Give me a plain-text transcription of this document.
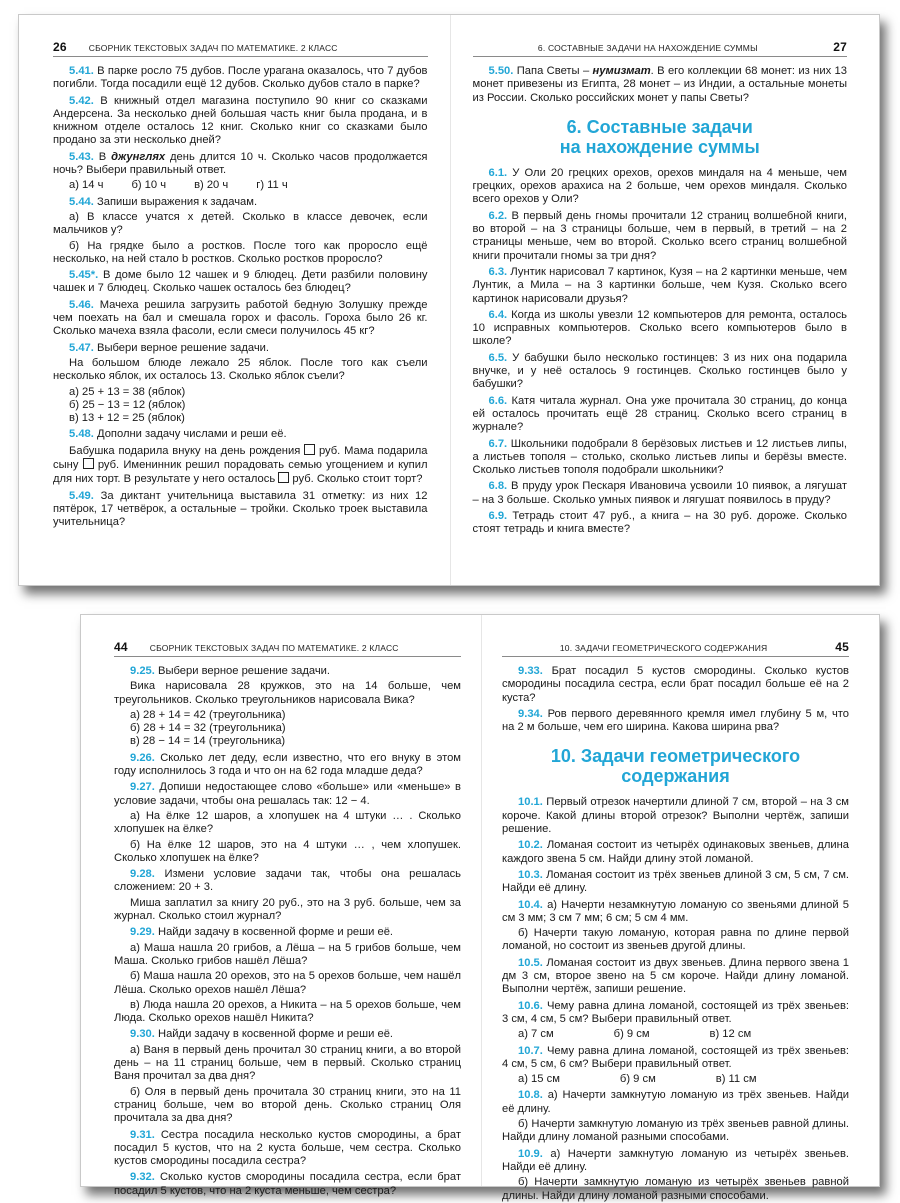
26	СБОРНИК ТЕКСТОВЫХ ЗАДАЧ ПО МАТЕМАТИКЕ. 2 КЛАСС

5.41. В парке росло 75 дубов. После урагана оказалось, что 7 дубов погибли. Тогда посадили ещё 12 дубов. Сколько дубов стало в парке?

5.42. В книжный отдел магазина поступило 90 книг со сказками Андерсена. За несколько дней большая часть книг была продана, и в книжном отделе осталось 12 книг. Сколько книг со сказками было продано за эти несколько дней?

5.43. В джунглях день длится 10 ч. Сколько часов продолжается ночь? Выбери правильный ответ.

а) 14 ч	б) 10 ч	в) 20 ч	г) 11 ч

5.44. Запиши выражения к задачам.

а) В классе учатся x детей. Сколько в классе девочек, если мальчиков y?

б) На грядке было a ростков. После того как проросло ещё несколько, на ней стало b ростков. Сколько ростков проросло?

5.45*. В доме было 12 чашек и 9 блюдец. Дети разбили половину чашек и 7 блюдец. Сколько чашек осталось без блюдец?

5.46. Мачеха решила загрузить работой бедную Золушку прежде чем поехать на бал и смешала горох и фасоль. Гороха было 26 кг. Сколько мачеха взяла фасоли, если смеси получилось 45 кг?

5.47. Выбери верное решение задачи.

На большом блюде лежало 25 яблок. После того как съели несколько яблок, их осталось 13. Сколько яблок съели?

а) 25 + 13 = 38 (яблок)

б) 25 − 13 = 12 (яблок)

в) 13 + 12 = 25 (яблок)

5.48. Дополни задачу числами и реши её.

Бабушка подарила внуку на день рождения руб. Мама подарила сыну руб. Именинник решил порадовать семью угощением и купил для них торт. В результате у него осталось руб. Сколько стоит торт?

5.49. За диктант учительница выставила 31 отметку: из них 12 пятёрок, 17 четвёрок, а остальные – тройки. Сколько троек выставила учительница?

6. СОСТАВНЫЕ ЗАДАЧИ НА НАХОЖДЕНИЕ СУММЫ	27

5.50. Папа Светы – нумизмат. В его коллекции 68 монет: из них 13 монет привезены из Египта, 28 монет – из Индии, а остальные монеты из России. Сколько российских монет у папы Светы?

6. Составные задачи
на нахождение суммы

6.1. У Оли 20 грецких орехов, орехов миндаля на 4 меньше, чем грецких, орехов арахиса на 2 больше, чем орехов миндаля. Сколько всего орехов у Оли?

6.2. В первый день гномы прочитали 12 страниц волшебной книги, во второй – на 3 страницы больше, чем в первый, в третий – на 2 страницы меньше, чем во второй. Сколько всего страниц волшебной книги прочитали гномы за три дня?

6.3. Лунтик нарисовал 7 картинок, Кузя – на 2 картинки меньше, чем Лунтик, а Мила – на 3 картинки больше, чем Кузя. Сколько всего картинок нарисовали друзья?

6.4. Когда из школы увезли 12 компьютеров для ремонта, осталось 10 исправных компьютеров. Сколько всего компьютеров было в школе?

6.5. У бабушки было несколько гостинцев: 3 из них она подарила внучке, и у неё осталось 9 гостинцев. Сколько гостинцев было у бабушки?

6.6. Катя читала журнал. Она уже прочитала 30 страниц, до конца ей осталось прочитать ещё 28 страниц. Сколько всего страниц в журнале?

6.7. Школьники подобрали 8 берёзовых листьев и 12 листьев липы, а листьев тополя – столько, сколько листьев липы и берёзы вместе. Сколько листьев тополя подобрали школьники?

6.8. В пруду урок Пескаря Ивановича усвоили 10 пиявок, а лягушат – на 3 больше. Сколько умных пиявок и лягушат появилось в пруду?

6.9. Тетрадь стоит 47 руб., а книга – на 30 руб. дороже. Сколько стоят тетрадь и книга вместе?

44	СБОРНИК ТЕКСТОВЫХ ЗАДАЧ ПО МАТЕМАТИКЕ. 2 КЛАСС

9.25. Выбери верное решение задачи.

Вика нарисовала 28 кружков, это на 14 больше, чем треугольников. Сколько треугольников нарисовала Вика?

а) 28 + 14 = 42 (треугольника)

б) 28 + 14 = 32 (треугольника)

в) 28 − 14 = 14 (треугольника)

9.26. Сколько лет деду, если известно, что его внуку в этом году исполнилось 3 года и что он на 62 года младше деда?

9.27. Допиши недостающее слово «больше» или «меньше» в условие задачи, чтобы она решалась так: 12 − 4.

а) На ёлке 12 шаров, а хлопушек на 4 штуки … . Сколько хлопушек на ёлке?

б) На ёлке 12 шаров, это на 4 штуки … , чем хлопушек. Сколько хлопушек на ёлке?

9.28. Измени условие задачи так, чтобы она решалась сложением: 20 + 3.

Миша заплатил за книгу 20 руб., это на 3 руб. больше, чем за журнал. Сколько стоил журнал?

9.29. Найди задачу в косвенной форме и реши её.

а) Маша нашла 20 грибов, а Лёша – на 5 грибов больше, чем Маша. Сколько грибов нашёл Лёша?

б) Маша нашла 20 орехов, это на 5 орехов больше, чем нашёл Лёша. Сколько орехов нашёл Лёша?

в) Люда нашла 20 орехов, а Никита – на 5 орехов больше, чем Люда. Сколько орехов нашёл Никита?

9.30. Найди задачу в косвенной форме и реши её.

а) Ваня в первый день прочитал 30 страниц книги, а во второй день – на 11 страниц больше, чем в первый. Сколько страниц Ваня прочитал за два дня?

б) Оля в первый день прочитала 30 страниц книги, это на 11 страниц больше, чем во второй день. Сколько страниц Оля прочитала за два дня?

9.31. Сестра посадила несколько кустов смородины, а брат посадил 5 кустов, что на 2 куста больше, чем сестра. Сколько кустов смородины посадила сестра?

9.32. Сколько кустов смородины посадила сестра, если брат посадил 5 кустов, что на 2 куста меньше, чем сестра?

10. ЗАДАЧИ ГЕОМЕТРИЧЕСКОГО СОДЕРЖАНИЯ	45

9.33. Брат посадил 5 кустов смородины. Сколько кустов смородины посадила сестра, если брат посадил больше её на 2 куста?

9.34. Ров первого деревянного кремля имел глубину 5 м, что на 2 м больше, чем его ширина. Какова ширина рва?

10. Задачи геометрического
содержания

10.1. Первый отрезок начертили длиной 7 см, второй – на 3 см короче. Какой длины второй отрезок? Выполни чертёж, запиши решение.

10.2. Ломаная состоит из четырёх одинаковых звеньев, длина каждого звена 5 см. Найди длину этой ломаной.

10.3. Ломаная состоит из трёх звеньев длиной 3 см, 5 см, 7 см. Найди её длину.

10.4. а) Начерти незамкнутую ломаную со звеньями длиной 5 см 3 мм; 3 см 7 мм; 6 см; 5 см 4 мм.

б) Начерти такую ломаную, которая равна по длине первой ломаной, но состоит из звеньев другой длины.

10.5. Ломаная состоит из двух звеньев. Длина первого звена 1 дм 3 см, второе звено на 5 см короче. Найди длину ломаной. Выполни чертёж, запиши решение.

10.6. Чему равна длина ломаной, состоящей из трёх звеньев: 3 см, 4 см, 5 см? Выбери правильный ответ.

а) 7 см	б) 9 см	в) 12 см

10.7. Чему равна длина ломаной, состоящей из трёх звеньев: 4 см, 5 см, 6 см? Выбери правильный ответ.

а) 15 см	б) 9 см	в) 11 см

10.8. а) Начерти замкнутую ломаную из трёх звеньев. Найди её длину.

б) Начерти замкнутую ломаную из трёх звеньев равной длины. Найди длину ломаной разными способами.

10.9. а) Начерти замкнутую ломаную из четырёх звеньев. Найди её длину.

б) Начерти замкнутую ломаную из четырёх звеньев равной длины. Найди длину ломаной разными способами.
